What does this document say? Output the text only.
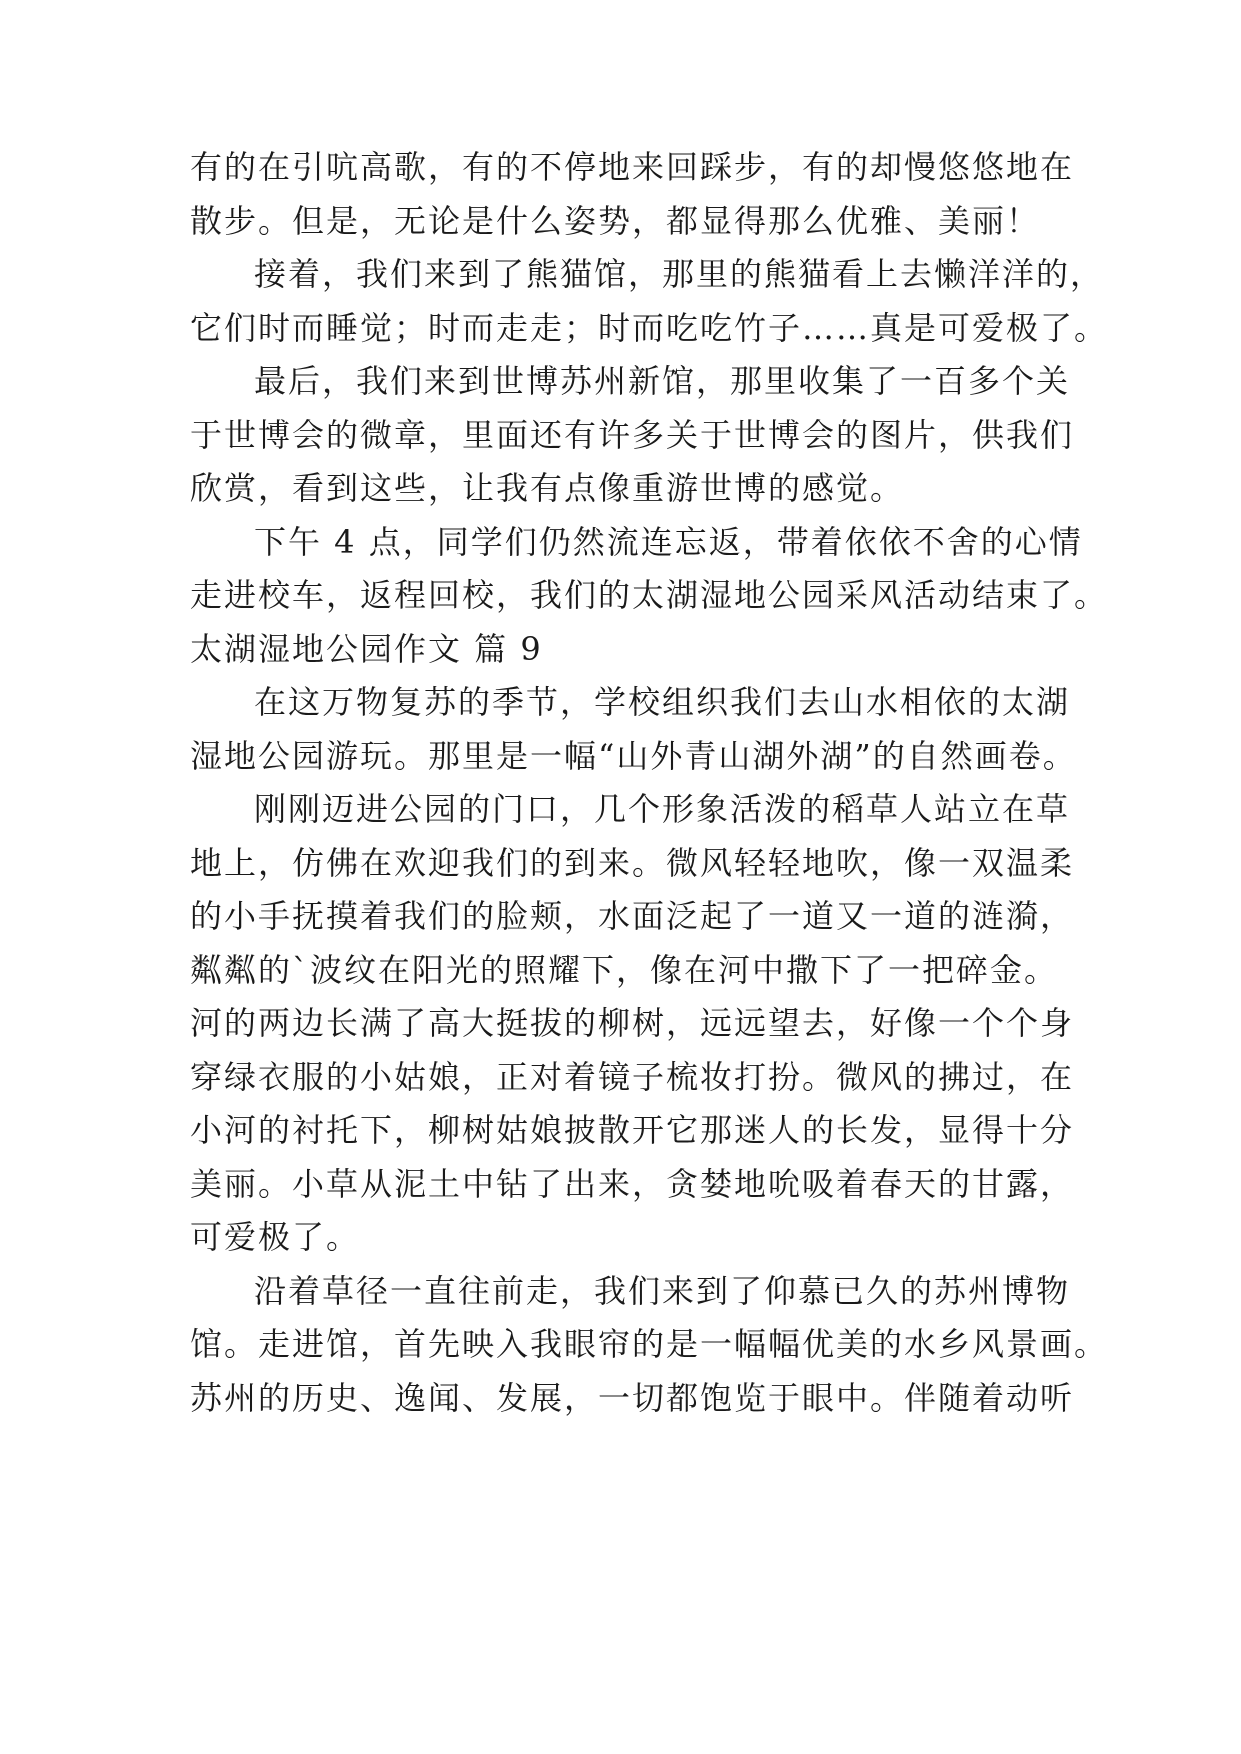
有的在引吭高歌，有的不停地来回踩步，有的却慢悠悠地在
散步。但是，无论是什么姿势，都显得那么优雅、美丽！
接着，我们来到了熊猫馆，那里的熊猫看上去懒洋洋的，
它们时而睡觉；时而走走；时而吃吃竹子……真是可爱极了。
最后，我们来到世博苏州新馆，那里收集了一百多个关
于世博会的微章，里面还有许多关于世博会的图片，供我们
欣赏，看到这些，让我有点像重游世博的感觉。
下午 4 点，同学们仍然流连忘返，带着依依不舍的心情
走进校车，返程回校，我们的太湖湿地公园采风活动结束了。
太湖湿地公园作文 篇 9
在这万物复苏的季节，学校组织我们去山水相依的太湖
湿地公园游玩。那里是一幅“山外青山湖外湖”的自然画卷。
刚刚迈进公园的门口，几个形象活泼的稻草人站立在草
地上，仿佛在欢迎我们的到来。微风轻轻地吹，像一双温柔
的小手抚摸着我们的脸颊，水面泛起了一道又一道的涟漪，
粼粼的`波纹在阳光的照耀下，像在河中撒下了一把碎金。
河的两边长满了高大挺拔的柳树，远远望去，好像一个个身
穿绿衣服的小姑娘，正对着镜子梳妆打扮。微风的拂过，在
小河的衬托下，柳树姑娘披散开它那迷人的长发，显得十分
美丽。小草从泥土中钻了出来，贪婪地吮吸着春天的甘露，
可爱极了。
沿着草径一直往前走，我们来到了仰慕已久的苏州博物
馆。走进馆，首先映入我眼帘的是一幅幅优美的水乡风景画。
苏州的历史、逸闻、发展，一切都饱览于眼中。伴随着动听
